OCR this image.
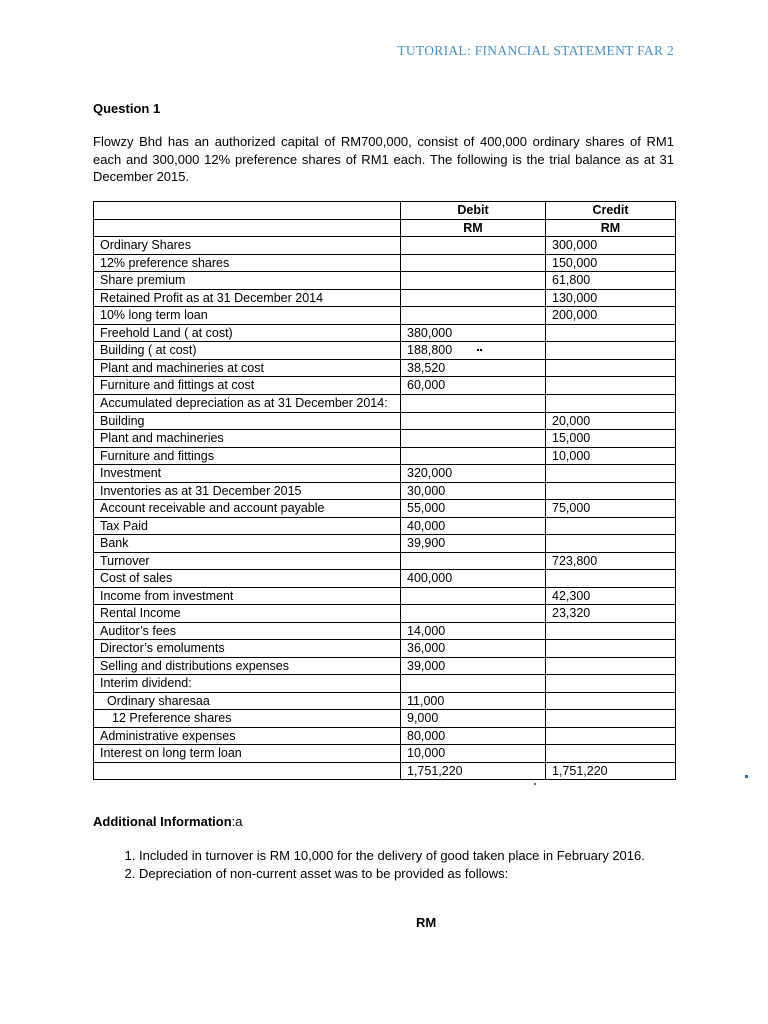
TUTORIAL: FINANCIAL STATEMENT FAR 2
Question 1

Flowzy Bhd has an authorized capital of RM700,000, consist of 400,000 ordinary shares of RM1 each and 300,000 12% preference shares of RM1 each. The following is the trial balance as at 31 December 2015.

	Debit	Credit
	RM	RM
Ordinary Shares		300,000
12% preference shares		150,000
Share premium		61,800
Retained Profit as at 31 December 2014		130,000
10% long term loan		200,000
Freehold Land ( at cost)	380,000	
Building ( at cost)	188,800	
Plant and machineries at cost	38,520	
Furniture and fittings at cost	60,000	
Accumulated depreciation as at 31 December 2014:		
Building		20,000
Plant and machineries		15,000
Furniture and fittings		10,000
Investment	320,000	
Inventories as at 31 December 2015	30,000	
Account receivable and account payable	55,000	75,000
Tax Paid	40,000	
Bank	39,900	
Turnover		723,800
Cost of sales	400,000	
Income from investment		42,300
Rental Income		23,320
Auditor’s fees	14,000	
Director’s emoluments	36,000	
Selling and distributions expenses	39,000	
Interim dividend:		
Ordinary sharesaa	11,000	
12 Preference shares	9,000	
Administrative expenses	80,000	
Interest on long term loan	10,000	
	1,751,220	1,751,220
Additional Information:a
1. Included in turnover is RM 10,000 for the delivery of good taken place in February 2016.
2. Depreciation of non-current asset was to be provided as follows:
RM
